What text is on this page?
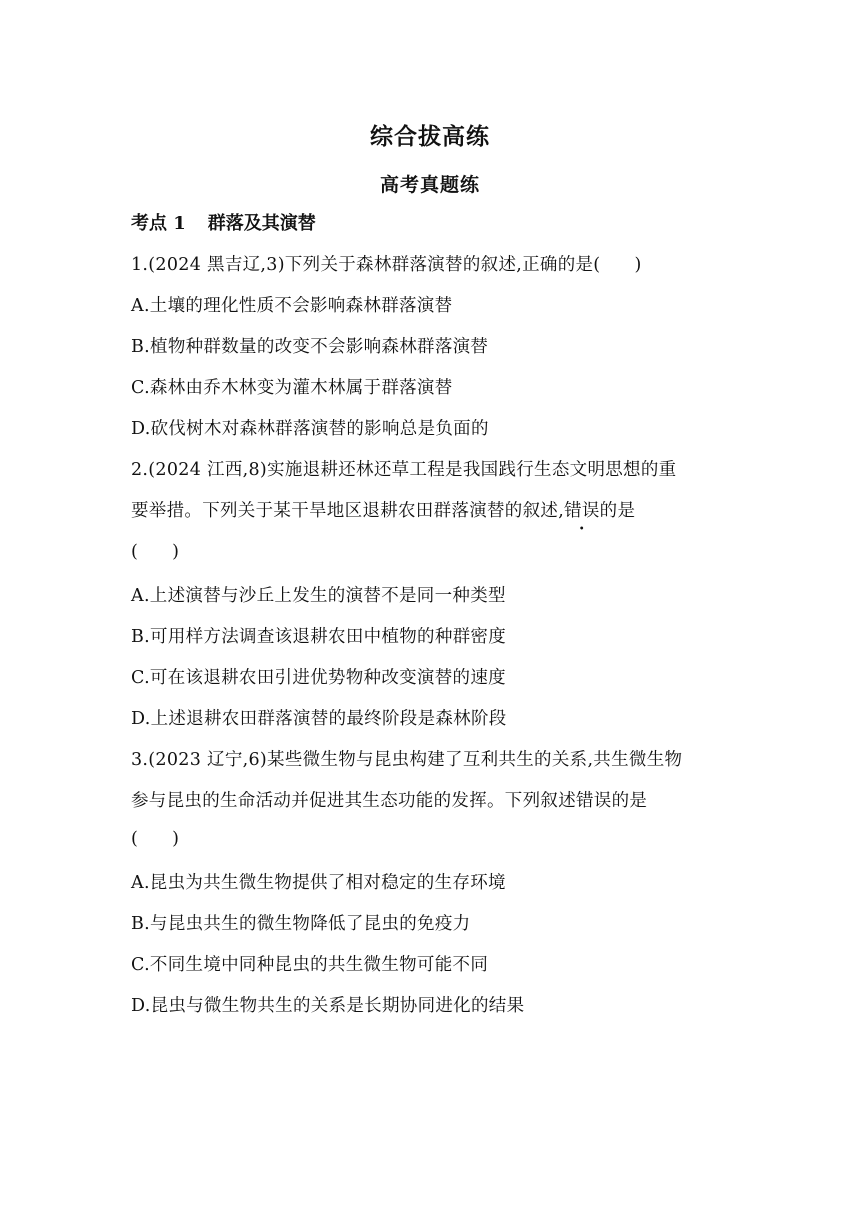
综合拔高练
高考真题练
考点 1 群落及其演替
1.(2024 黑吉辽,3)下列关于森林群落演替的叙述,正确的是( )
A.土壤的理化性质不会影响森林群落演替
B.植物种群数量的改变不会影响森林群落演替
C.森林由乔木林变为灌木林属于群落演替
D.砍伐树木对森林群落演替的影响总是负面的
2.(2024 江西,8)实施退耕还林还草工程是我国践行生态文明思想的重
要举措。下列关于某干旱地区退耕农田群落演替的叙述,错误的是
( )
A.上述演替与沙丘上发生的演替不是同一种类型
B.可用样方法调查该退耕农田中植物的种群密度
C.可在该退耕农田引进优势物种改变演替的速度
D.上述退耕农田群落演替的最终阶段是森林阶段
3.(2023 辽宁,6)某些微生物与昆虫构建了互利共生的关系,共生微生物
参与昆虫的生命活动并促进其生态功能的发挥。下列叙述错误的是
( )
A.昆虫为共生微生物提供了相对稳定的生存环境
B.与昆虫共生的微生物降低了昆虫的免疫力
C.不同生境中同种昆虫的共生微生物可能不同
D.昆虫与微生物共生的关系是长期协同进化的结果
